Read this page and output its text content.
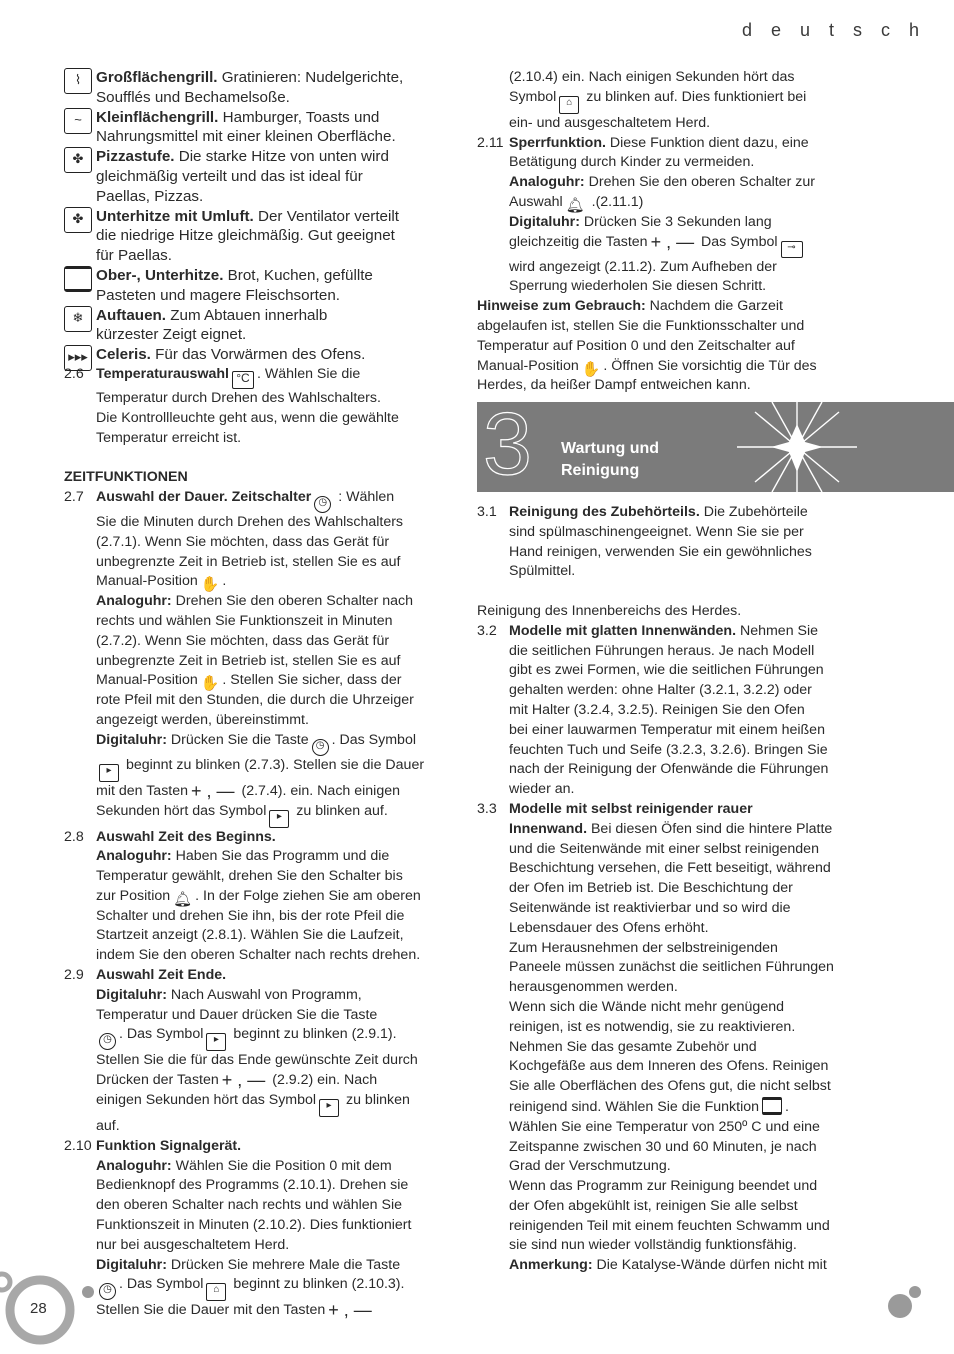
d e u t s c h
⌇ Großflächengrill. Gratinieren: Nudelgerichte,
Soufflés und Bechamelsoße.
~ Kleinflächengrill. Hamburger, Toasts und
Nahrungsmittel mit einer kleinen Oberfläche.
✤ Pizzastufe. Die starke Hitze von unten wird
gleichmäßig verteilt und das ist ideal für
Paellas, Pizzas.
✤ Unterhitze mit Umluft. Der Ventilator verteilt
die niedrige Hitze gleichmäßig. Gut geeignet
für Paellas.
Ober-, Unterhitze. Brot, Kuchen, gefüllte
Pasteten und magere Fleischsorten.
❄ Auftauen. Zum Abtauen innerhalb
kürzester Zeigt eignet.
▸▸▸ Celeris. Für das Vorwärmen des Ofens.
2.6 Temperaturauswahl °C . Wählen Sie die
Temperatur durch Drehen des Wahlschalters.
Die Kontrollleuchte geht aus, wenn die gewählte
Temperatur erreicht ist.

ZEITFUNKTIONEN
2.7 Auswahl der Dauer. Zeitschalter ◷ : Wählen
Sie die Minuten durch Drehen des Wahlschalters
(2.7.1). Wenn Sie möchten, dass das Gerät für
unbegrenzte Zeit in Betrieb ist, stellen Sie es auf
Manual-Position ✋ .
Analoguhr: Drehen Sie den oberen Schalter nach
rechts und wählen Sie Funktionszeit in Minuten
(2.7.2). Wenn Sie möchten, dass das Gerät für
unbegrenzte Zeit in Betrieb ist, stellen Sie es auf
Manual-Position ✋ . Stellen Sie sicher, dass der
rote Pfeil mit den Stunden, die durch die Uhrzeiger
angezeigt werden, übereinstimmt.
Digitaluhr: Drücken Sie die Taste ◷ . Das Symbol
▸ beginnt zu blinken (2.7.3). Stellen sie die Dauer
mit den Tasten + , — (2.7.4). ein. Nach einigen
Sekunden hört das Symbol ▸ zu blinken auf.
2.8 Auswahl Zeit des Beginns.
Analoguhr: Haben Sie das Programm und die
Temperatur gewählt, drehen Sie den Schalter bis
zur Position 🔔︎ . In der Folge ziehen Sie am oberen
Schalter und drehen Sie ihn, bis der rote Pfeil die
Startzeit anzeigt (2.8.1). Wählen Sie die Laufzeit,
indem Sie den oberen Schalter nach rechts drehen.
2.9 Auswahl Zeit Ende.
Digitaluhr: Nach Auswahl von Programm,
Temperatur und Dauer drücken Sie die Taste
◷ . Das Symbol ▸ beginnt zu blinken (2.9.1).
Stellen Sie die für das Ende gewünschte Zeit durch
Drücken der Tasten + , — (2.9.2) ein. Nach
einigen Sekunden hört das Symbol ▸ zu blinken
auf.
2.10 Funktion Signalgerät.
Analoguhr: Wählen Sie die Position 0 mit dem
Bedienknopf des Programms (2.10.1). Drehen sie
den oberen Schalter nach rechts und wählen Sie
Funktionszeit in Minuten (2.10.2). Dies funktioniert
nur bei ausgeschaltetem Herd.
Digitaluhr: Drücken Sie mehrere Male die Taste
◷ . Das Symbol ⌂ beginnt zu blinken (2.10.3).
Stellen Sie die Dauer mit den Tasten + , —
(2.10.4) ein. Nach einigen Sekunden hört das
Symbol ⌂ zu blinken auf. Dies funktioniert bei
ein- und ausgeschaltetem Herd.
2.11 Sperrfunktion. Diese Funktion dient dazu, eine
Betätigung durch Kinder zu vermeiden.
Analoguhr: Drehen Sie den oberen Schalter zur
Auswahl 🔔︎ .(2.11.1)
Digitaluhr: Drücken Sie 3 Sekunden lang
gleichzeitig die Tasten + , — Das Symbol ⊸
wird angezeigt (2.11.2). Zum Aufheben der
Sperrung wiederholen Sie diesen Schritt.
Hinweise zum Gebrauch: Nachdem die Garzeit
abgelaufen ist, stellen Sie die Funktionsschalter und
Temperatur auf Position 0 und den Zeitschalter auf
Manual-Position ✋ . Öffnen Sie vorsichtig die Tür des
Herdes, da heißer Dampf entweichen kann.
3 Wartung und
Reinigung
3.1 Reinigung des Zubehörteils. Die Zubehörteile
sind spülmaschinengeeignet. Wenn Sie sie per
Hand reinigen, verwenden Sie ein gewöhnliches
Spülmittel.

Reinigung des Innenbereichs des Herdes.
3.2 Modelle mit glatten Innenwänden. Nehmen Sie
die seitlichen Führungen heraus. Je nach Modell
gibt es zwei Formen, wie die seitlichen Führungen
gehalten werden: ohne Halter (3.2.1, 3.2.2) oder
mit Halter (3.2.4, 3.2.5). Reinigen Sie den Ofen
bei einer lauwarmen Temperatur mit einem heißen
feuchten Tuch und Seife (3.2.3, 3.2.6). Bringen Sie
nach der Reinigung der Ofenwände die Führungen
wieder an.
3.3 Modelle mit selbst reinigender rauer
Innenwand. Bei diesen Öfen sind die hintere Platte
und die Seitenwände mit einer selbst reinigenden
Beschichtung versehen, die Fett beseitigt, während
der Ofen im Betrieb ist. Die Beschichtung der
Seitenwände ist reaktivierbar und so wird die
Lebensdauer des Ofens erhöht.
Zum Herausnehmen der selbstreinigenden
Paneele müssen zunächst die seitlichen Führungen
herausgenommen werden.
Wenn sich die Wände nicht mehr genügend
reinigen, ist es notwendig, sie zu reaktivieren.
Nehmen Sie das gesamte Zubehör und
Kochgefäße aus dem Inneren des Ofens. Reinigen
Sie alle Oberflächen des Ofens gut, die nicht selbst
reinigend sind. Wählen Sie die Funktion .
Wählen Sie eine Temperatur von 250º C und eine
Zeitspanne zwischen 30 und 60 Minuten, je nach
Grad der Verschmutzung.
Wenn das Programm zur Reinigung beendet und
der Ofen abgekühlt ist, reinigen Sie alle selbst
reinigenden Teil mit einem feuchten Schwamm und
sie sind nun wieder vollständig funktionsfähig.
Anmerkung: Die Katalyse-Wände dürfen nicht mit
28
